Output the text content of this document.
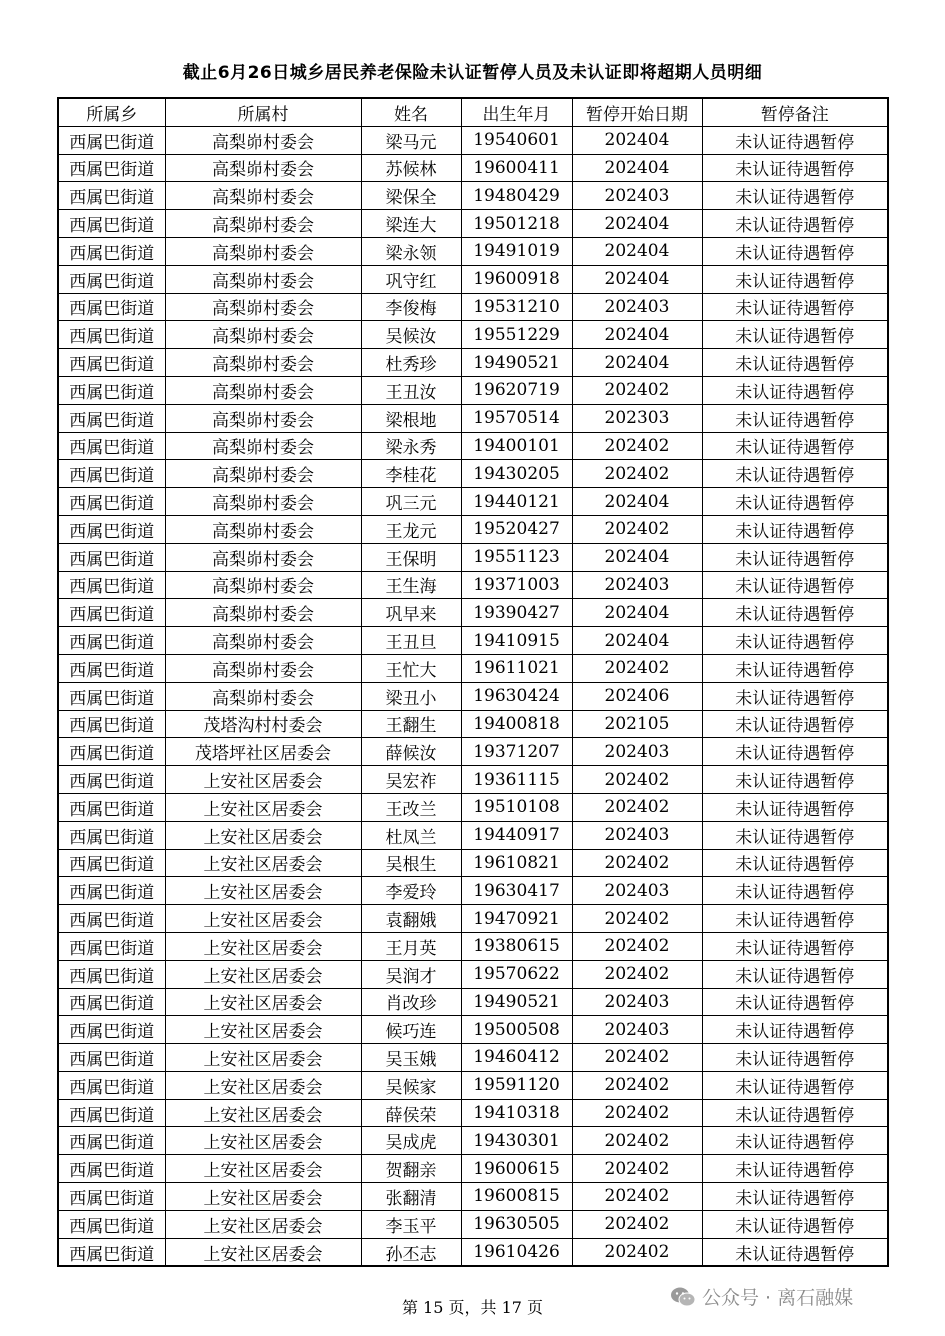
截止6月26日城乡居民养老保险未认证暂停人员及未认证即将超期人员明细
所属乡	所属村	姓名	出生年月	暂停开始日期	暂停备注
西属巴街道	高梨峁村委会	梁马元	19540601	202404	未认证待遇暂停
西属巴街道	高梨峁村委会	苏候林	19600411	202404	未认证待遇暂停
西属巴街道	高梨峁村委会	梁保全	19480429	202403	未认证待遇暂停
西属巴街道	高梨峁村委会	梁连大	19501218	202404	未认证待遇暂停
西属巴街道	高梨峁村委会	梁永领	19491019	202404	未认证待遇暂停
西属巴街道	高梨峁村委会	巩守红	19600918	202404	未认证待遇暂停
西属巴街道	高梨峁村委会	李俊梅	19531210	202403	未认证待遇暂停
西属巴街道	高梨峁村委会	吴候汝	19551229	202404	未认证待遇暂停
西属巴街道	高梨峁村委会	杜秀珍	19490521	202404	未认证待遇暂停
西属巴街道	高梨峁村委会	王丑汝	19620719	202402	未认证待遇暂停
西属巴街道	高梨峁村委会	梁根地	19570514	202303	未认证待遇暂停
西属巴街道	高梨峁村委会	梁永秀	19400101	202402	未认证待遇暂停
西属巴街道	高梨峁村委会	李桂花	19430205	202402	未认证待遇暂停
西属巴街道	高梨峁村委会	巩三元	19440121	202404	未认证待遇暂停
西属巴街道	高梨峁村委会	王龙元	19520427	202402	未认证待遇暂停
西属巴街道	高梨峁村委会	王保明	19551123	202404	未认证待遇暂停
西属巴街道	高梨峁村委会	王生海	19371003	202403	未认证待遇暂停
西属巴街道	高梨峁村委会	巩早来	19390427	202404	未认证待遇暂停
西属巴街道	高梨峁村委会	王丑旦	19410915	202404	未认证待遇暂停
西属巴街道	高梨峁村委会	王忙大	19611021	202402	未认证待遇暂停
西属巴街道	高梨峁村委会	梁丑小	19630424	202406	未认证待遇暂停
西属巴街道	茂塔沟村村委会	王翻生	19400818	202105	未认证待遇暂停
西属巴街道	茂塔坪社区居委会	薛候汝	19371207	202403	未认证待遇暂停
西属巴街道	上安社区居委会	吴宏祚	19361115	202402	未认证待遇暂停
西属巴街道	上安社区居委会	王改兰	19510108	202402	未认证待遇暂停
西属巴街道	上安社区居委会	杜凤兰	19440917	202403	未认证待遇暂停
西属巴街道	上安社区居委会	吴根生	19610821	202402	未认证待遇暂停
西属巴街道	上安社区居委会	李爱玲	19630417	202403	未认证待遇暂停
西属巴街道	上安社区居委会	袁翻娥	19470921	202402	未认证待遇暂停
西属巴街道	上安社区居委会	王月英	19380615	202402	未认证待遇暂停
西属巴街道	上安社区居委会	吴润才	19570622	202402	未认证待遇暂停
西属巴街道	上安社区居委会	肖改珍	19490521	202403	未认证待遇暂停
西属巴街道	上安社区居委会	候巧连	19500508	202403	未认证待遇暂停
西属巴街道	上安社区居委会	吴玉娥	19460412	202402	未认证待遇暂停
西属巴街道	上安社区居委会	吴候家	19591120	202402	未认证待遇暂停
西属巴街道	上安社区居委会	薛侯荣	19410318	202402	未认证待遇暂停
西属巴街道	上安社区居委会	吴成虎	19430301	202402	未认证待遇暂停
西属巴街道	上安社区居委会	贺翻亲	19600615	202402	未认证待遇暂停
西属巴街道	上安社区居委会	张翻清	19600815	202402	未认证待遇暂停
西属巴街道	上安社区居委会	李玉平	19630505	202402	未认证待遇暂停
西属巴街道	上安社区居委会	孙丕志	19610426	202402	未认证待遇暂停
第 15 页，共 17 页	公众号 · 离石融媒
